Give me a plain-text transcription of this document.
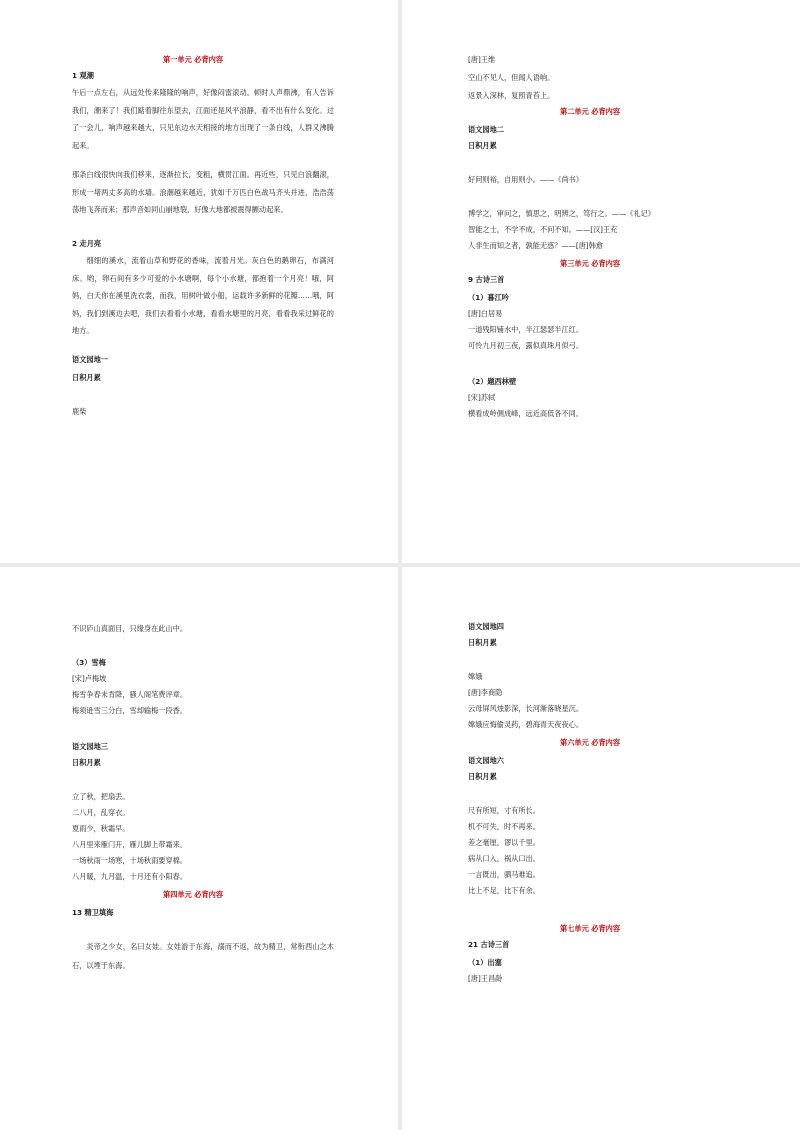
第一单元 必背内容
1 观潮
午后一点左右，从远处传来隆隆的响声，好像闷雷滚动。顿时人声鼎沸，有人告诉我们，潮来了！我们踮着脚往东望去，江面还是风平浪静，看不出有什么变化。过了一会儿，响声越来越大，只见东边水天相接的地方出现了一条白线，人群又沸腾起来。
那条白线很快向我们移来，逐渐拉长，变粗，横贯江面。再近些，只见白浪翻滚，形成一堵两丈多高的水墙。浪潮越来越近，犹如千万匹白色战马齐头并进，浩浩荡荡地飞奔而来；那声音如同山崩地裂，好像大地都被震得颤动起来。
2 走月亮
细细的溪水，流着山草和野花的香味，流着月光。灰白色的鹅卵石，布满河床。哟，卵石间有多少可爱的小水塘啊，每个小水塘，都抱着一个月亮！哦，阿妈，白天你在溪里洗衣裳，而我，用树叶做小船，运载许多新鲜的花瓣……哦，阿妈，我们到溪边去吧，我们去看看小水塘，看看水塘里的月亮，看看我采过鲜花的地方。
语文园地一
日积月累
鹿柴
[唐]王维
空山不见人，但闻人语响。
返景入深林，复照青苔上。
第二单元 必背内容
语文园地二
日积月累
好问则裕，自用则小。——《尚书》
博学之，审问之，慎思之，明辨之，笃行之。——《礼记》
智能之士，不学不成，不问不知。——[汉]王充
人非生而知之者，孰能无惑？——[唐]韩愈
第三单元 必背内容
9 古诗三首
（1）暮江吟
[唐]白居易
一道残阳铺水中，半江瑟瑟半江红。
可怜九月初三夜，露似真珠月似弓。
（2）题西林壁
[宋]苏轼
横看成岭侧成峰，远近高低各不同。
不识庐山真面目，只缘身在此山中。
（3）雪梅
[宋]卢梅坡
梅雪争春未肯降，骚人阁笔费评章。
梅须逊雪三分白，雪却输梅一段香。
语文园地三
日积月累
立了秋，把扇丢。
二八月，乱穿衣。
夏雨少，秋霜早。
八月里来雁门开，雁儿脚上带霜来。
一场秋雨一场寒，十场秋雨要穿棉。
八月暖，九月温，十月还有小阳春。
第四单元 必背内容
13 精卫填海
炎帝之少女，名曰女娃。女娃游于东海，溺而不返，故为精卫，常衔西山之木石，以堙于东海。
语文园地四
日积月累
嫦娥
[唐]李商隐
云母屏风烛影深，长河渐落晓星沉。
嫦娥应悔偷灵药，碧海青天夜夜心。
第六单元 必背内容
语文园地六
日积月累
尺有所短，寸有所长。
机不可失，时不再来。
差之毫厘，谬以千里。
病从口入，祸从口出。
一言既出，驷马难追。
比上不足，比下有余。
第七单元 必背内容
21 古诗三首
（1）出塞
[唐]王昌龄
